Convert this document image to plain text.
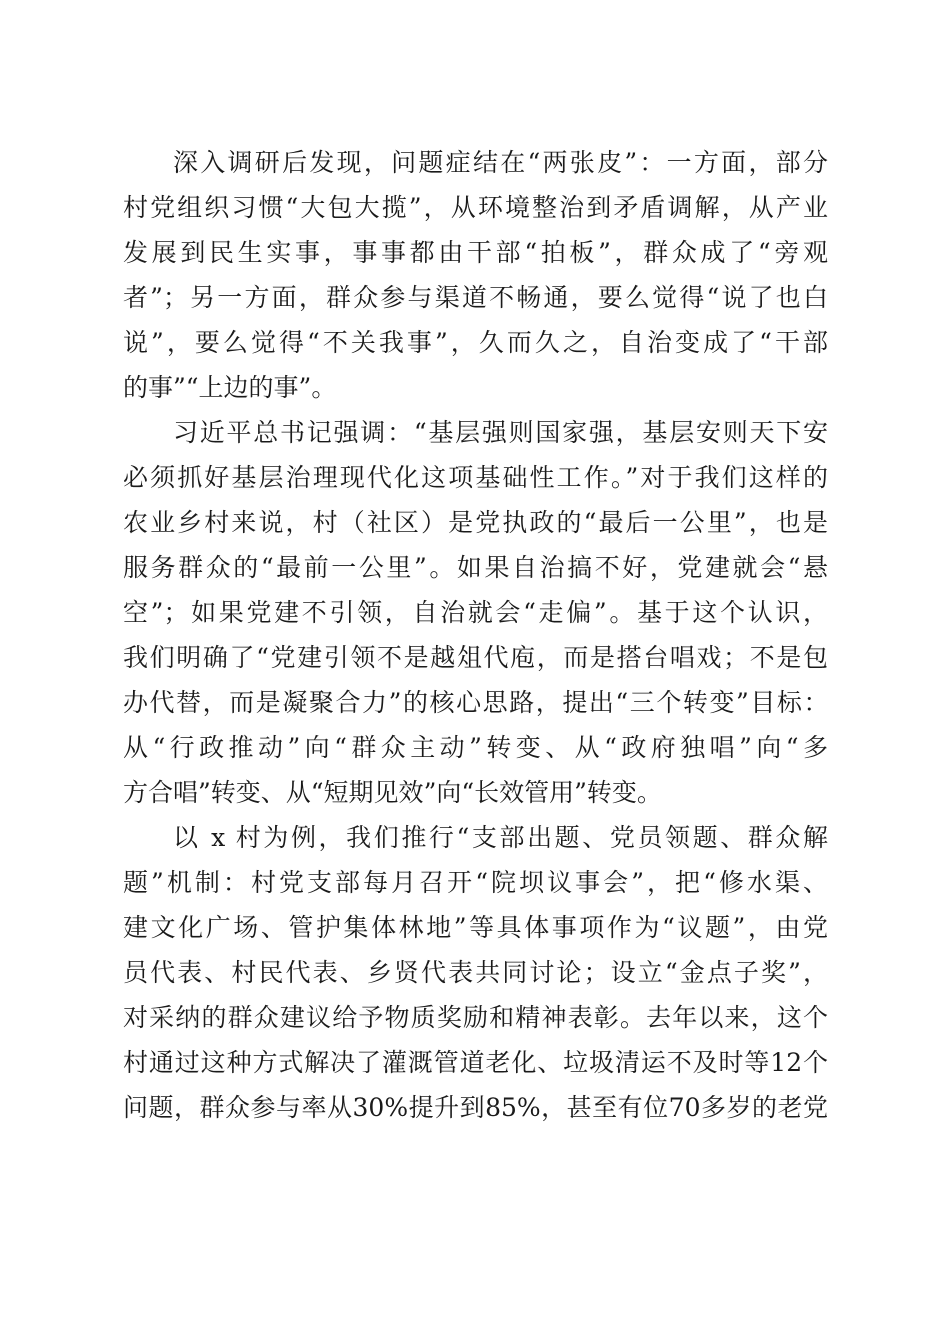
深入调研后发现，问题症结在“两张皮”：一方面，部分
村党组织习惯“大包大揽”，从环境整治到矛盾调解，从产业
发展到民生实事，事事都由干部“拍板”，群众成了“旁观
者”；另一方面，群众参与渠道不畅通，要么觉得“说了也白
说”，要么觉得“不关我事”，久而久之，自治变成了“干部
的事”“上边的事”。
习近平总书记强调：“基层强则国家强，基层安则天下安
必须抓好基层治理现代化这项基础性工作。”对于我们这样的
农业乡村来说，村（社区）是党执政的“最后一公里”，也是
服务群众的“最前一公里”。如果自治搞不好，党建就会“悬
空”；如果党建不引领，自治就会“走偏”。基于这个认识，
我们明确了“党建引领不是越俎代庖，而是搭台唱戏；不是包
办代替，而是凝聚合力”的核心思路，提出“三个转变”目标：
从“行政推动”向“群众主动”转变、从“政府独唱”向“多
方合唱”转变、从“短期见效”向“长效管用”转变。
以 x 村为例，我们推行“支部出题、党员领题、群众解
题”机制：村党支部每月召开“院坝议事会”，把“修水渠、
建文化广场、管护集体林地”等具体事项作为“议题”，由党
员代表、村民代表、乡贤代表共同讨论；设立“金点子奖”，
对采纳的群众建议给予物质奖励和精神表彰。去年以来，这个
村通过这种方式解决了灌溉管道老化、垃圾清运不及时等12个
问题，群众参与率从30%提升到85%，甚至有位70多岁的老党
